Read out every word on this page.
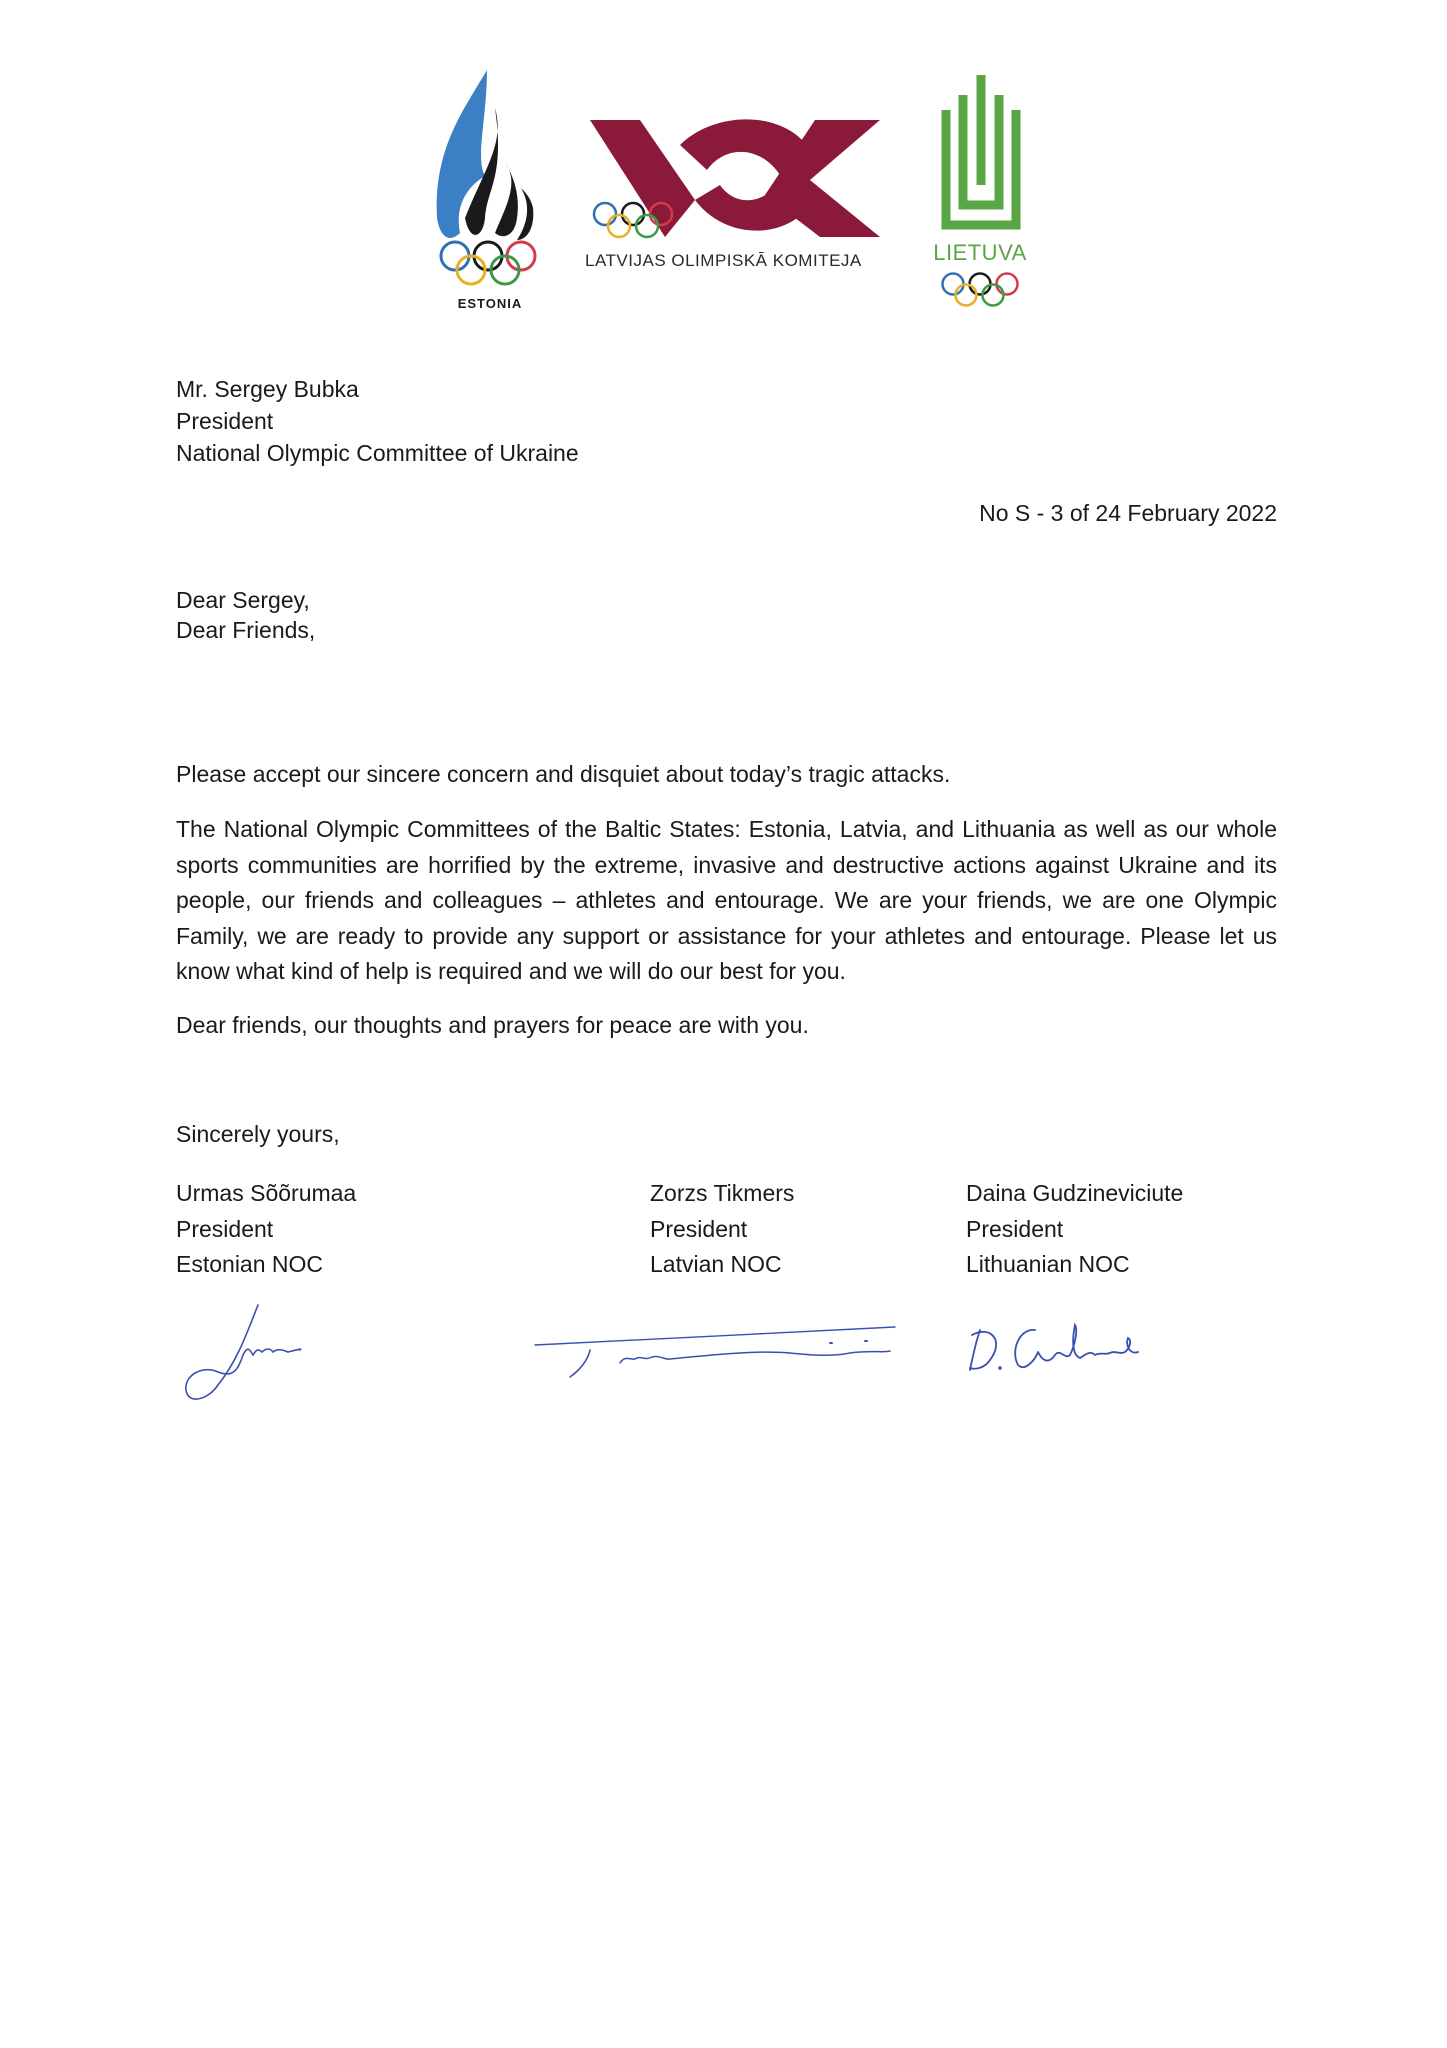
ESTONIA
LATVIJAS OLIMPISKĀ KOMITEJA	LIETUVA
Mr. Sergey Bubka
President
National Olympic Committee of Ukraine
No S - 3 of 24 February 2022
Dear Sergey,
Dear Friends,
Please accept our sincere concern and disquiet about today’s tragic attacks.
The National Olympic Committees of the Baltic States: Estonia, Latvia, and Lithuania as well as our whole sports communities are horrified by the extreme, invasive and destructive actions against Ukraine and its people, our friends and colleagues – athletes and entourage. We are your friends, we are one Olympic Family, we are ready to provide any support or assistance for your athletes and entourage. Please let us know what kind of help is required and we will do our best for you.
Dear friends, our thoughts and prayers for peace are with you.
Sincerely yours,
Urmas Sõõrumaa
President
Estonian NOC
Zorzs Tikmers
President
Latvian NOC
Daina Gudzineviciute
President
Lithuanian NOC
